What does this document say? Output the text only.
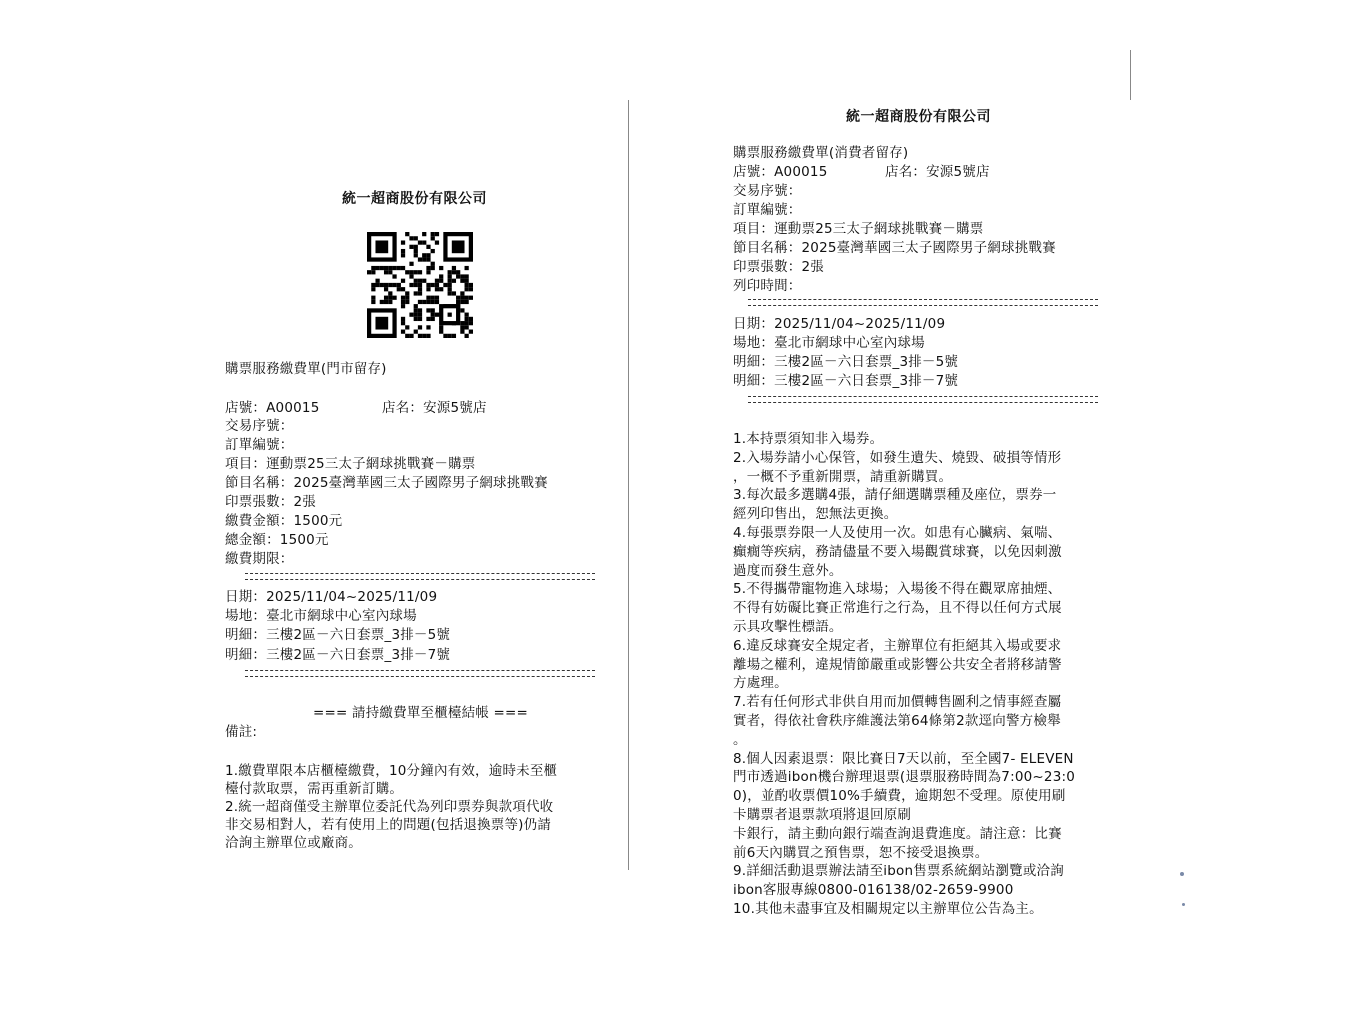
統一超商股份有限公司
購票服務繳費單(門市留存)
店號：A00015	店名：安源5號店
交易序號：
訂單編號：
項目：運動票25三太子網球挑戰賽－購票
節目名稱：2025臺灣華國三太子國際男子網球挑戰賽
印票張數：2張
繳費金額：1500元
總金額：1500元
繳費期限：
日期：2025/11/04~2025/11/09
場地：臺北市網球中心室內球場
明細：三樓2區－六日套票_3排－5號
明細：三樓2區－六日套票_3排－7號
=== 請持繳費單至櫃檯結帳 ===
備註:
1.繳費單限本店櫃檯繳費，10分鐘內有效，逾時未至櫃
檯付款取票，需再重新訂購。
2.統一超商僅受主辦單位委託代為列印票券與款項代收
非交易相對人，若有使用上的問題(包括退換票等)仍請
洽詢主辦單位或廠商。
統一超商股份有限公司
購票服務繳費單(消費者留存)
店號：A00015	店名：安源5號店
交易序號：
訂單編號：
項目：運動票25三太子網球挑戰賽－購票
節目名稱：2025臺灣華國三太子國際男子網球挑戰賽
印票張數：2張
列印時間：
日期：2025/11/04~2025/11/09
場地：臺北市網球中心室內球場
明細：三樓2區－六日套票_3排－5號
明細：三樓2區－六日套票_3排－7號
1.本持票須知非入場券。
2.入場券請小心保管，如發生遺失、燒毀、破損等情形
，一概不予重新開票，請重新購買。
3.每次最多選購4張，請仔細選購票種及座位，票券一
經列印售出，恕無法更換。
4.每張票券限一人及使用一次。如患有心臟病、氣喘、
癲癇等疾病，務請儘量不要入場觀賞球賽，以免因刺激
過度而發生意外。
5.不得攜帶寵物進入球場；入場後不得在觀眾席抽煙、
不得有妨礙比賽正常進行之行為，且不得以任何方式展
示具攻擊性標語。
6.違反球賽安全規定者，主辦單位有拒絕其入場或要求
離場之權利，違規情節嚴重或影響公共安全者將移請警
方處理。
7.若有任何形式非供自用而加價轉售圖利之情事經查屬
實者，得依社會秩序維護法第64條第2款逕向警方檢舉
。
8.個人因素退票：限比賽日7天以前，至全國7- ELEVEN
門市透過ibon機台辦理退票(退票服務時間為7:00~23:0
0)，並酌收票價10%手續費，逾期恕不受理。原使用刷
卡購票者退票款項將退回原刷
卡銀行，請主動向銀行端查詢退費進度。請注意：比賽
前6天內購買之預售票，恕不接受退換票。
9.詳細活動退票辦法請至ibon售票系統網站瀏覽或洽詢
ibon客服專線0800-016138/02-2659-9900
10.其他未盡事宜及相關規定以主辦單位公告為主。
